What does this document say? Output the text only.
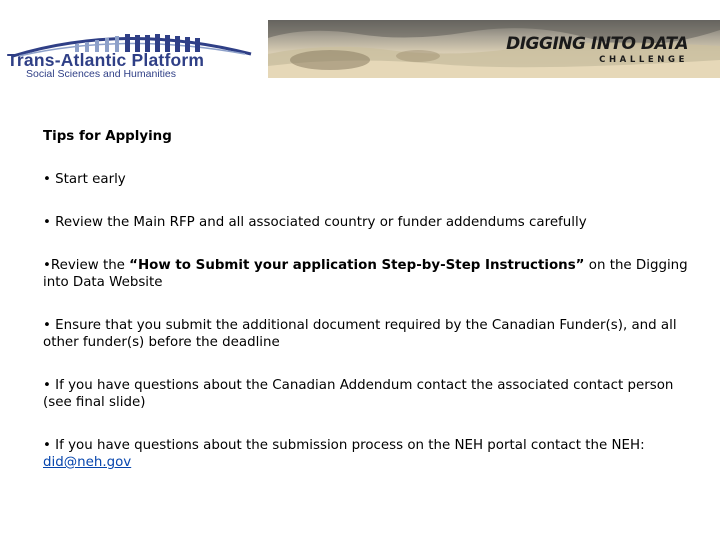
Trans-Atlantic Platform
Social Sciences and Humanities
DIGGING INTO DATA
CHALLENGE

Tips for Applying

• Start early

• Review the Main RFP and all associated country or funder addendums carefully

•Review the “How to Submit your application Step-by-Step Instructions” on the Digging into Data Website

• Ensure that you submit the additional document required by the Canadian Funder(s), and all other funder(s) before the deadline

• If you have questions about the Canadian Addendum contact the associated contact person (see final slide)

• If you have questions about the submission process on the NEH portal contact the NEH: did@neh.gov
